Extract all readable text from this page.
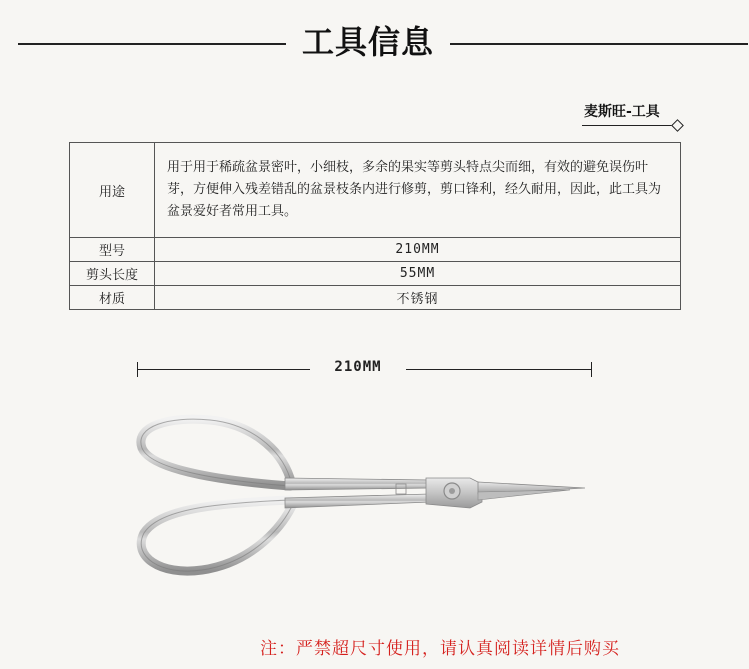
工具信息
麦斯旺-工具
用途	用于用于稀疏盆景密叶，小细枝，多余的果实等剪头特点尖而细，有效的避免误伤叶芽，方便伸入残差错乱的盆景枝条内进行修剪，剪口锋利，经久耐用，因此，此工具为盆景爱好者常用工具。
型号	210MM
剪头长度	55MM
材质	不锈钢
210MM
注：严禁超尺寸使用，请认真阅读详情后购买
